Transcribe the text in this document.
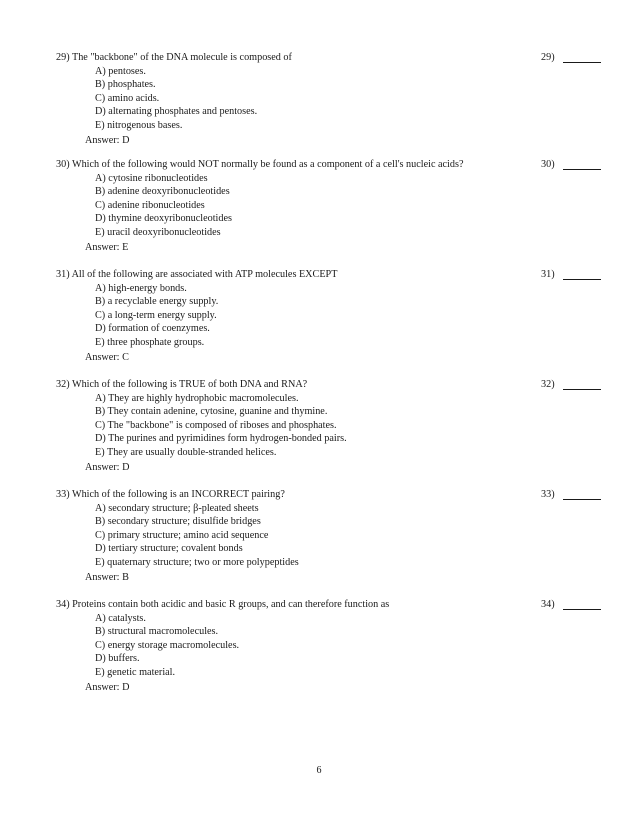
29) The "backbone" of the DNA molecule is composed of	29)
A) pentoses.
B) phosphates.
C) amino acids.
D) alternating phosphates and pentoses.
E) nitrogenous bases.
Answer: D
30) Which of the following would NOT normally be found as a component of a cell's nucleic acids?	30)
A) cytosine ribonucleotides
B) adenine deoxyribonucleotides
C) adenine ribonucleotides
D) thymine deoxyribonucleotides
E) uracil deoxyribonucleotides
Answer: E
31) All of the following are associated with ATP molecules EXCEPT	31)
A) high-energy bonds.
B) a recyclable energy supply.
C) a long-term energy supply.
D) formation of coenzymes.
E) three phosphate groups.
Answer: C
32) Which of the following is TRUE of both DNA and RNA?	32)
A) They are highly hydrophobic macromolecules.
B) They contain adenine, cytosine, guanine and thymine.
C) The "backbone" is composed of riboses and phosphates.
D) The purines and pyrimidines form hydrogen-bonded pairs.
E) They are usually double-stranded helices.
Answer: D
33) Which of the following is an INCORRECT pairing?	33)
A) secondary structure; β-pleated sheets
B) secondary structure; disulfide bridges
C) primary structure; amino acid sequence
D) tertiary structure; covalent bonds
E) quaternary structure; two or more polypeptides
Answer: B
34) Proteins contain both acidic and basic R groups, and can therefore function as	34)
A) catalysts.
B) structural macromolecules.
C) energy storage macromolecules.
D) buffers.
E) genetic material.
Answer: D
6
